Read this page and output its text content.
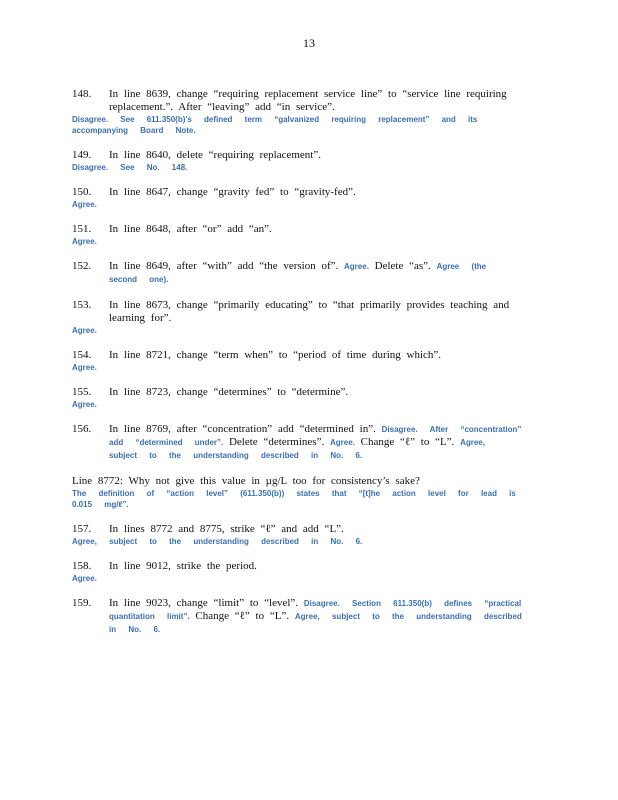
13
148. In line 8639, change “requiring replacement service line” to “service line requiring replacement.”. After “leaving” add “in service”.
Disagree. See 611.350(b)’s defined term “galvanized requiring replacement” and its accompanying Board Note.
149. In line 8640, delete “requiring replacement”.
Disagree. See No. 148.
150. In line 8647, change “gravity fed” to “gravity-fed”.
Agree.
151. In line 8648, after “or” add “an”.
Agree.
152. In line 8649, after “with” add “the version of”. Agree. Delete “as”. Agree (the second one).
153. In line 8673, change “primarily educating” to “that primarily provides teaching and learning for”.
Agree.
154. In line 8721, change “term when” to “period of time during which”.
Agree.
155. In line 8723, change “determines” to “determine”.
Agree.
156. In line 8769, after “concentration” add “determined in”. Disagree. After “concentration” add “determined under”. Delete “determines”. Agree. Change “ℓ” to “L”. Agree, subject to the understanding described in No. 6.
Line 8772: Why not give this value in µg/L too for consistency’s sake?
The definition of “action level” (611.350(b)) states that “[t]he action level for lead is 0.015 mg/ℓ”.
157. In lines 8772 and 8775, strike “ℓ” and add “L”.
Agree, subject to the understanding described in No. 6.
158. In line 9012, strike the period.
Agree.
159. In line 9023, change “limit” to “level”. Disagree. Section 611.350(b) defines “practical quantitation limit”. Change “ℓ” to “L”. Agree, subject to the understanding described in No. 6.
